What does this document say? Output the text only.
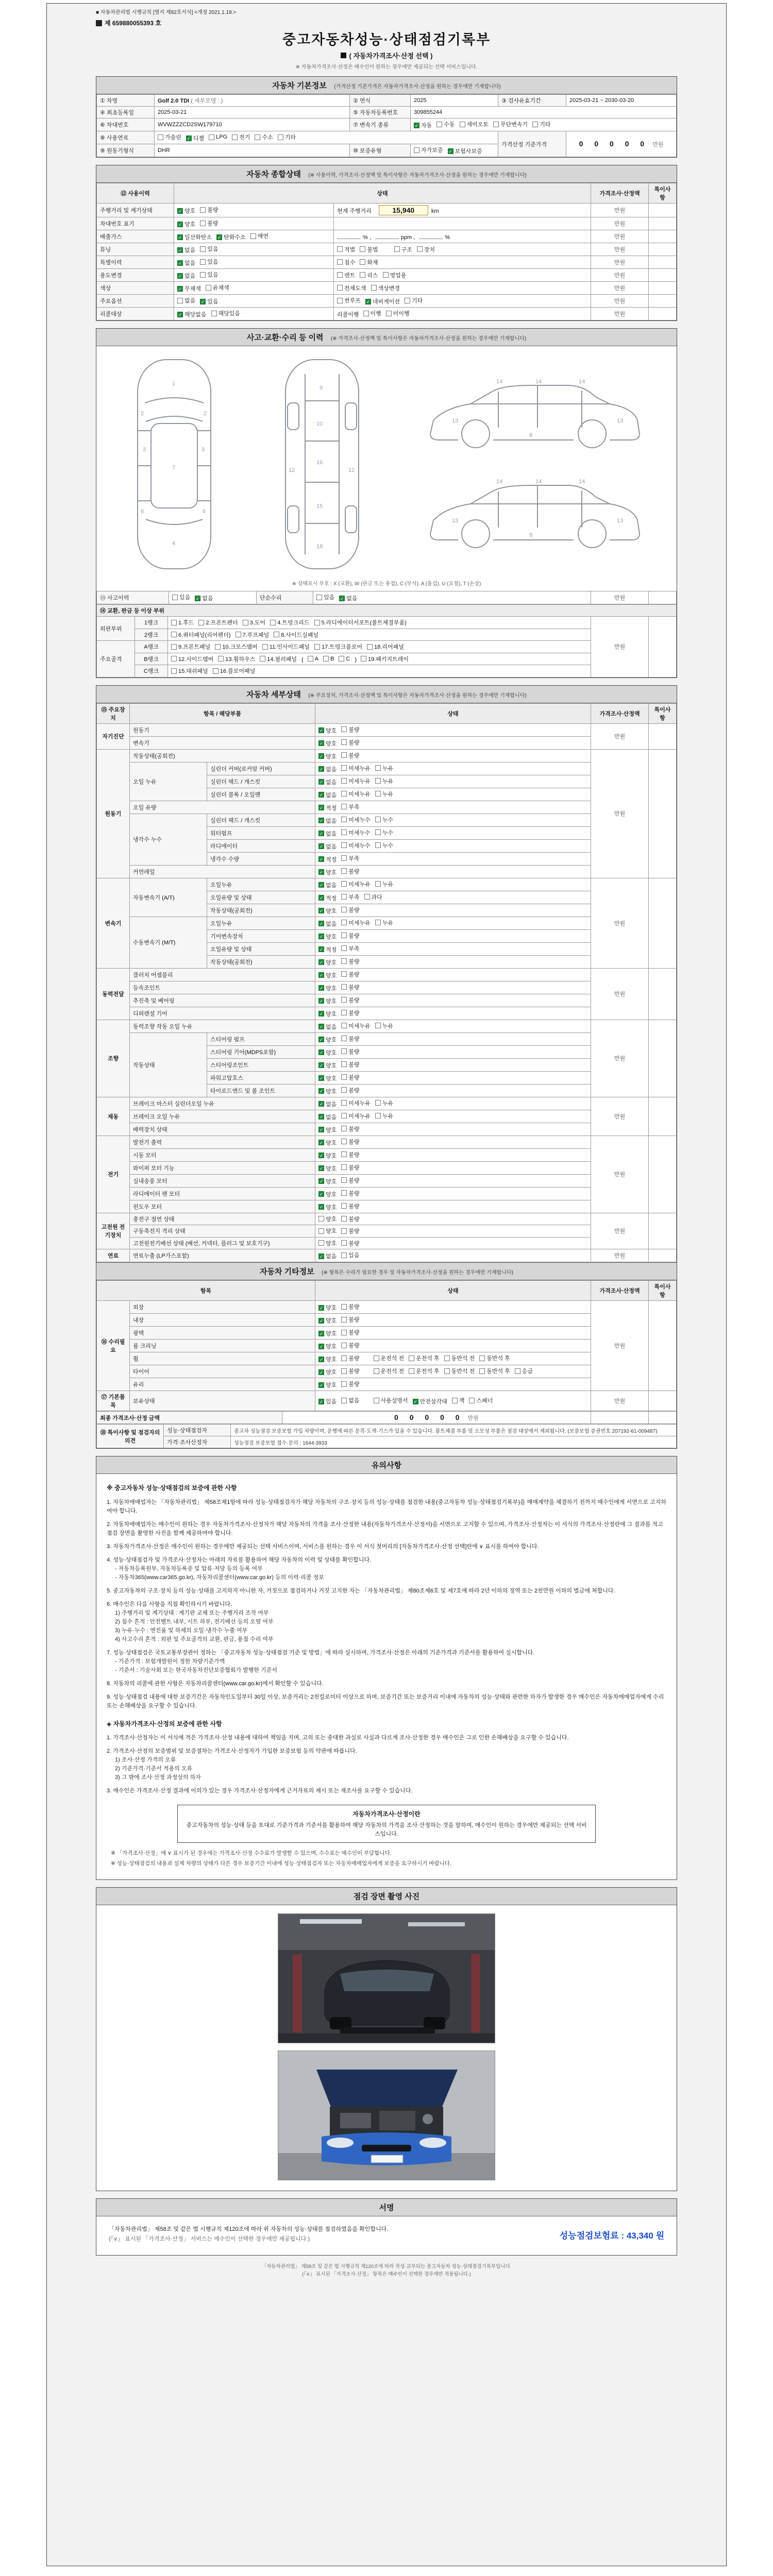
■ 자동차관리법 시행규칙 [별지 제82호서식] <개정 2021.1.19.>
제 659880055393 호
중고자동차성능·상태점검기록부
( 자동차가격조사·산정 선택 )
※ 자동차가격조사·산정은 매수인이 원하는 경우에만 제공되는 선택 서비스입니다.
자동차 기본정보 (가격산정 기준가격은 자동차가격조사·산정을 원하는 경우에만 기재합니다)
① 차명	Golf 2.0 TDI ( 세부모델 : )	② 연식	2025	③ 검사유효기간	2025-03-21 ~ 2030-03-20
④ 최초등록일	2025-03-21	⑤ 자동차등록번호	309855244		
⑥ 차대번호	WVWZZZCD2SW179710	⑦ 변속기 종류	✓ 자동 수동 세미오토 무단변속기 기타

⑧ 사용연료	가솔린 ✓ 디젤 LPG 전기 수소 기타
	가격산정 기준가격	0 0 0 0 0 만원
⑨ 원동기형식	DHR	⑩ 보증유형	자가보증 ✓ 보험사보증		
자동차 종합상태 (※ 사용이력, 가격조사·산정액 및 특이사항은 자동차가격조사·산정을 원하는 경우에만 기재합니다)
⑫ 사용이력	상태		가격조사·산정액	특이사항
주행거리 및 계기상태	✓ 양호 불량	현재 주행거리 15,940 km	만원	
차대번호 표기	✓ 양호 불량		만원	
배출가스	✓ 일산화탄소 ✓ 탄화수소 매연	% , ppm , %	만원	
튜닝	✓ 없음 있음	적법 불법 구조 장치	만원	
특별이력	✓ 없음 있음	침수 화재	만원	
용도변경	✓ 없음 있음	렌트 리스 영업용	만원	
색상	✓ 무채색 유채색	전체도색 색상변경	만원	
주요옵션	없음 ✓ 있음	썬루프 ✓ 네비게이션 기타	만원	
리콜대상	✓ 해당없음 해당있음	리콜이행 이행 미이행	만원	
사고·교환·수리 등 이력 (※ 가격조사·산정액 및 특이사항은 자동차가격조사·산정을 원하는 경우에만 기재합니다)
1
2	2
3	3
7
6	6
4
9
10
16
12	12
15
18
14	14	14
13	13
8
14	14	14
13	13
8
※ 상태표시 부호 : X (교환), W (판금 또는 용접), C (부식), A (흠집), U (요철), T (손상)
⑬ 사고이력	있음 ✓ 없음	단순수리	있음 ✓ 없음	만원	
⑭ 교환, 판금 등 이상 부위				
외판부위	1랭크	1.후드 2.프론트펜더 3.도어 4.트렁크리드 5.라디에이터서포트(볼트체결부품)	만원	
	2랭크	6.쿼터패널(리어펜더) 7.루프패널 8.사이드실패널		

주요골격	A랭크	9.프론트패널 10.크로스멤버 11.인사이드패널 17.트렁크플로어 18.리어패널		

B랭크	12.사이드멤버 13.휠하우스 14.필러패널 ( A B C ) 19.패키지트레이

	C랭크	15.대쉬패널 16.플로어패널		
자동차 세부상태 (※ 주요장치, 가격조사·산정액 및 특이사항은 자동차가격조사·산정을 원하는 경우에만 기재합니다)
⑮ 주요장치	항목 / 해당부품		상태	가격조사·산정액	특이사항
자기진단	원동기		✓ 양호 불량	만원	
	변속기		✓ 양호 불량		

원동기	작동상태(공회전)		✓ 양호 불량	만원	
	오일 누유	실린더 커버(로커암 커버)	✓ 없음 미세누유 누유		

		실린더 헤드 / 개스킷	✓ 없음 미세누유 누유		

		실린더 블록 / 오일팬	✓ 없음 미세누유 누유		

	오일 유량		✓ 적정 부족		

	냉각수 누수	실린더 헤드 / 개스킷	✓ 없음 미세누수 누수		

		워터펌프	✓ 없음 미세누수 누수		

		라디에이터	✓ 없음 미세누수 누수		

		냉각수 수량	✓ 적정 부족		

	커먼레일		✓ 양호 불량		

변속기	자동변속기 (A/T)	오일누유	✓ 없음 미세누유 누유	만원	
		오일유량 및 상태	✓ 적정 부족 과다		

		작동상태(공회전)	✓ 양호 불량		

	수동변속기 (M/T)	오일누유	✓ 없음 미세누유 누유		

		기어변속장치	✓ 양호 불량		

		오일유량 및 상태	✓ 적정 부족		

		작동상태(공회전)	✓ 양호 불량		

동력전달	클러치 어셈블리		✓ 양호 불량	만원	
	등속조인트		✓ 양호 불량		

	추진축 및 베어링		✓ 양호 불량		

	디퍼렌셜 기어		✓ 양호 불량		

조향	동력조향 작동 오일 누유		✓ 없음 미세누유 누유	만원	
	작동상태	스티어링 펌프	✓ 양호 불량		

		스티어링 기어(MDPS포함)	✓ 양호 불량		

		스티어링조인트	✓ 양호 불량		

		파워고압호스	✓ 양호 불량		

		타이로드엔드 및 볼 조인트	✓ 양호 불량		

제동	브레이크 마스터 실린더오일 누유		✓ 없음 미세누유 누유	만원	
	브레이크 오일 누유		✓ 없음 미세누유 누유		

	배력장치 상태		✓ 양호 불량		

전기	발전기 출력		✓ 양호 불량	만원	
	시동 모터		✓ 양호 불량		

	와이퍼 모터 기능		✓ 양호 불량		

	실내송풍 모터		✓ 양호 불량		

	라디에이터 팬 모터		✓ 양호 불량		

	윈도우 모터		✓ 양호 불량		

고전원 전기장치	충전구 절연 상태		양호 불량	만원	
	구동축전지 격리 상태		양호 불량		

	고전원전기배선 상태 (배선, 커넥터, 플러그 및 보호기구)		양호 불량		

연료	연료누출 (LP가스포함)		✓ 없음 있음	만원	
자동차 기타정보 (※ 항목은 수리가 필요한 경우 및 자동차가격조사·산정을 원하는 경우에만 기재합니다)
항목		상태	가격조사·산정액	특이사항
⑯ 수리필요	외장	✓ 양호 불량	만원	
	내장	✓ 양호 불량		

	광택	✓ 양호 불량		

	룸 크리닝	✓ 양호 불량		

휠	✓ 양호 불량	운전석 전 운전석 후 동반석 전 동반석 후

타이어	✓ 양호 불량	운전석 전 운전석 후 동반석 전 동반석 후 응급

	유리	✓ 양호 불량		

⑰ 기본품목	보유상태	✓ 있음 없음	사용설명서 ✓ 안전삼각대 잭 스패너	만원	
최종 가격조사·산정 금액	0 0 0 0 0 만원		
⑱ 특이사항 및 점검자의 의견	성능·상태점검자	중고차 성능점검 보증보험 가입 차량이며, 운행에 따른 문콕·도색·기스가 있을 수 있습니다. 볼트체결 부품 및 소모성 부품은 점검 대상에서 제외됩니다. (보증보험 증권번호 207192-61-009487)
	가격·조사산정자	성능점검 보증보험 접수·문의 : 1644-3933
유의사항
※ 중고자동차 성능·상태점검의 보증에 관한 사항
1. 자동차매매업자는 「자동차관리법」 제58조제1항에 따라 성능·상태점검자가 해당 자동차의 구조·장치 등의 성능·상태를 점검한 내용(중고자동차 성능·상태점검기록부)을 매매계약을 체결하기 전까지 매수인에게 서면으로 고지하여야 합니다.
2. 자동차매매업자는 매수인이 원하는 경우 자동차가격조사·산정자가 해당 자동차의 가격을 조사·산정한 내용(자동차가격조사·산정서)을 서면으로 고지할 수 있으며, 가격조사·산정자는 이 서식의 가격조사·산정란에 그 결과를 적고 점검 장면을 촬영한 사진을 함께 제공하여야 합니다.
3. 자동차가격조사·산정은 매수인이 원하는 경우에만 제공되는 선택 서비스이며, 서비스를 원하는 경우 이 서식 첫머리의 [자동차가격조사·산정 선택]란에 ∨ 표시를 하여야 합니다.
4. 성능·상태점검자 및 가격조사·산정자는 아래의 자료를 활용하여 해당 자동차의 이력 및 상태를 확인합니다.
- 자동차등록원부, 자동차등록증 및 압류·저당 등의 등록 여부
- 자동차365(www.car365.go.kr), 자동차리콜센터(www.car.go.kr) 등의 이력·리콜 정보
5. 중고자동차의 구조·장치 등의 성능·상태를 고지하지 아니한 자, 거짓으로 점검하거나 거짓 고지한 자는 「자동차관리법」 제80조제6호 및 제7호에 따라 2년 이하의 징역 또는 2천만원 이하의 벌금에 처합니다.
6. 매수인은 다음 사항을 직접 확인하시기 바랍니다.
1) 주행거리 및 계기상태 : 계기판 교체 또는 주행거리 조작 여부
2) 침수 흔적 : 안전벨트 내부, 시트 하부, 전기배선 등의 오염 여부
3) 누유·누수 : 엔진룸 및 하체의 오일·냉각수 누출 여부
4) 사고수리 흔적 : 외판 및 주요골격의 교환, 판금, 용접 수리 여부
7. 성능·상태점검은 국토교통부장관이 정하는 「중고자동차 성능·상태점검 기준 및 방법」에 따라 실시하며, 가격조사·산정은 아래의 기준가격과 기준서를 활용하여 실시합니다.
- 기준가격 : 보험개발원이 정한 차량기준가액
- 기준서 : 기술사회 또는 한국자동차진단보증협회가 발행한 기준서
8. 자동차의 리콜에 관한 사항은 자동차리콜센터(www.car.go.kr)에서 확인할 수 있습니다.
9. 성능·상태점검 내용에 대한 보증기간은 자동차인도일부터 30일 이상, 보증거리는 2천킬로미터 이상으로 하며, 보증기간 또는 보증거리 이내에 자동차의 성능·상태와 관련한 하자가 발생한 경우 매수인은 자동차매매업자에게 수리 또는 손해배상을 요구할 수 있습니다.
◈ 자동차가격조사·산정의 보증에 관한 사항
1. 가격조사·산정자는 이 서식에 적은 가격조사·산정 내용에 대하여 책임을 지며, 고의 또는 중대한 과실로 사실과 다르게 조사·산정한 경우 매수인은 그로 인한 손해배상을 요구할 수 있습니다.
2. 가격조사·산정의 보증범위 및 보증절차는 가격조사·산정자가 가입한 보증보험 등의 약관에 따릅니다.
1) 조사·산정 가격의 오류
2) 기준가격·기준서 적용의 오류
3) 그 밖에 조사·산정 과정상의 하자
3. 매수인은 가격조사·산정 결과에 이의가 있는 경우 가격조사·산정자에게 근거자료의 제시 또는 재조사를 요구할 수 있습니다.
자동차가격조사·산정이란
중고자동차의 성능·상태 등을 토대로 기준가격과 기준서를 활용하여 해당 자동차의 가격을 조사·산정하는 것을 말하며, 매수인이 원하는 경우에만 제공되는 선택 서비스입니다.
※ 「가격조사·산정」에 ∨ 표시가 된 경우에는 가격조사·산정 수수료가 발생할 수 있으며, 수수료는 매수인이 부담합니다.
※ 성능·상태점검의 내용과 실제 차량의 상태가 다른 경우 보증기간 이내에 성능·상태점검자 또는 자동차매매업자에게 보증을 요구하시기 바랍니다.
점검 장면 촬영 사진
서명
「자동차관리법」 제58조 및 같은 법 시행규칙 제120조에 따라 위 자동차의 성능·상태를 점검하였음을 확인합니다.
(『∨』 표시된 「가격조사·산정」 서비스는 매수인이 선택한 경우에만 제공됩니다.)	성능점검보험료 : 43,340 원
「자동차관리법」 제58조 및 같은 법 시행규칙 제120조에 따라 작성·교부되는 중고자동차 성능·상태점검기록부입니다.
(『∨』 표시된 「가격조사·산정」 항목은 매수인이 선택한 경우에만 적용됩니다.)
